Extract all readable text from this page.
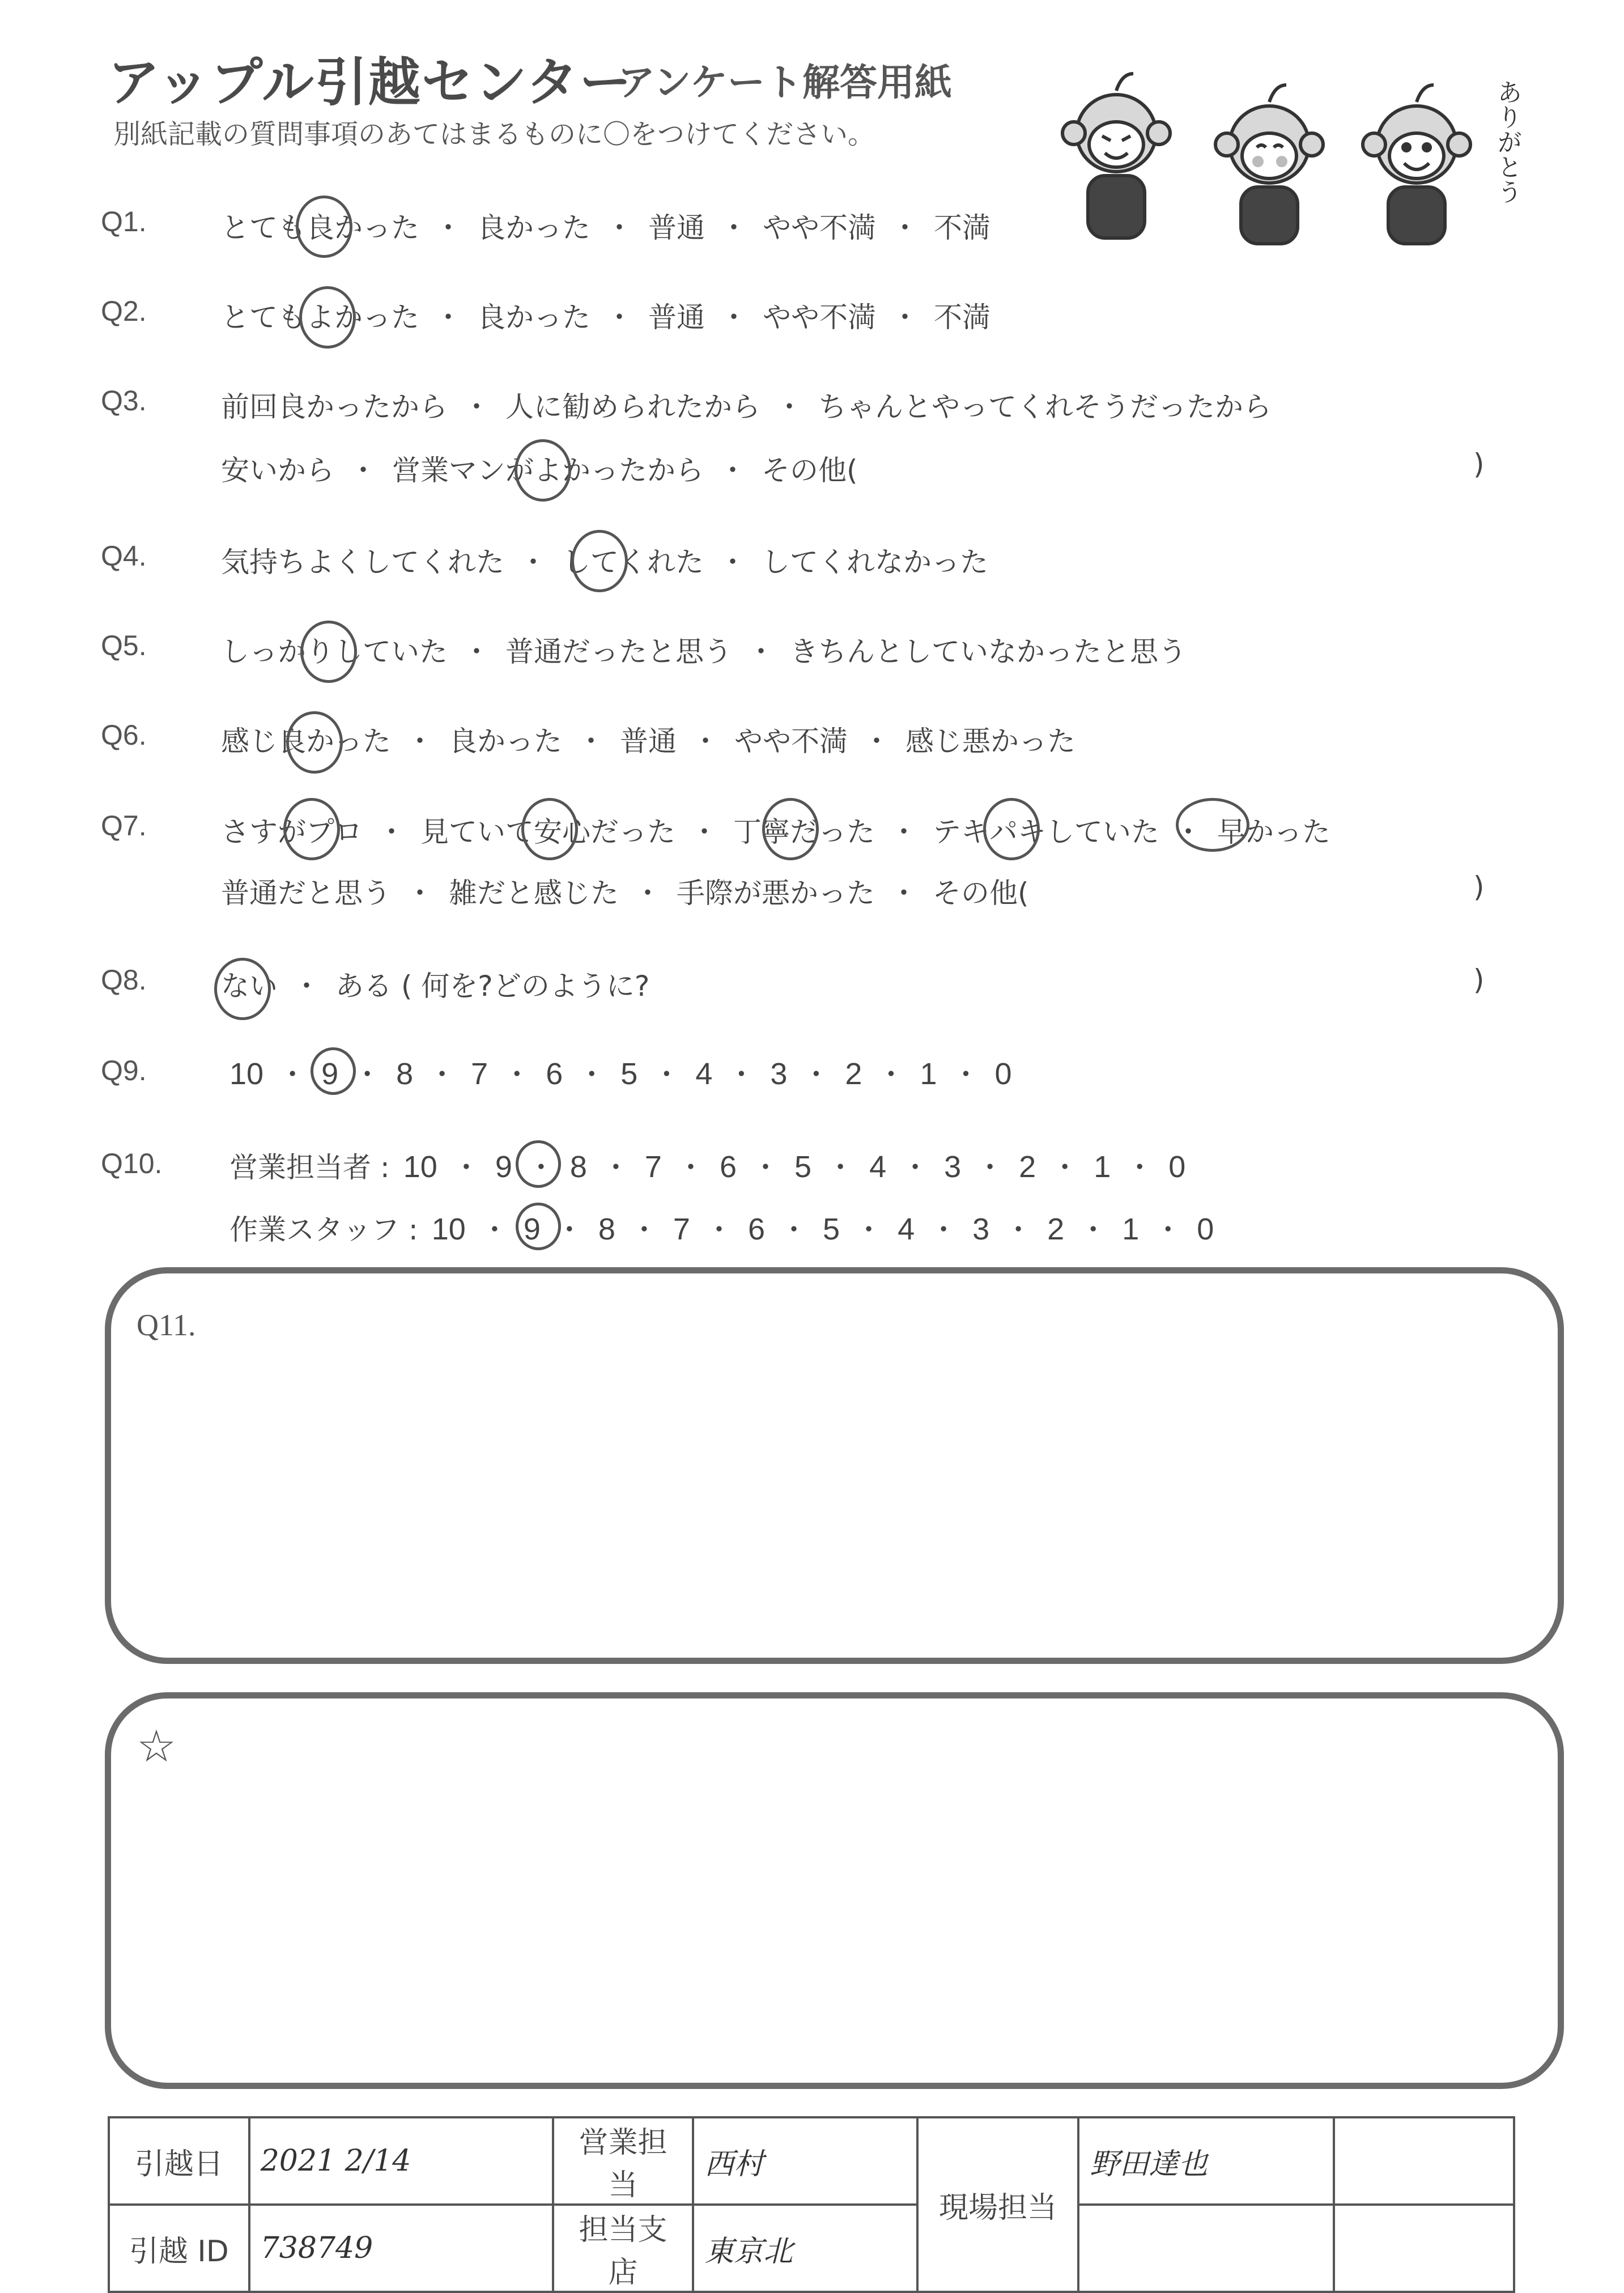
アップル引越センター
アンケート解答用紙
別紙記載の質問事項のあてはまるものに〇をつけてください。	ありがとう
Q1.	とても良かった ・ 良かった ・ 普通 ・ やや不満 ・ 不満
Q2.	とてもよかった ・ 良かった ・ 普通 ・ やや不満 ・ 不満
Q3.	前回良かったから ・ 人に勧められたから ・ ちゃんとやってくれそうだったから
安いから ・ 営業マンがよかったから ・ その他(	)
Q4.	気持ちよくしてくれた ・ してくれた ・ してくれなかった
Q5.	しっかりしていた ・ 普通だったと思う ・ きちんとしていなかったと思う
Q6.	感じ良かった ・ 良かった ・ 普通 ・ やや不満 ・ 感じ悪かった
Q7.	さすがプロ ・ 見ていて安心だった ・ 丁寧だった ・ テキパキしていた ・ 早かった
普通だと思う ・ 雑だと感じた ・ 手際が悪かった ・ その他(	)
Q8.	ない ・ ある ( 何を?どのように?	)
Q9.	10 ・ 9 ・ 8 ・ 7 ・ 6 ・ 5 ・ 4 ・ 3 ・ 2 ・ 1 ・ 0
Q10. 営業担当者 : 10 ・ 9 ・ 8 ・ 7 ・ 6 ・ 5 ・ 4 ・ 3 ・ 2 ・ 1 ・ 0
作業スタッフ : 10 ・ 9 ・ 8 ・ 7 ・ 6 ・ 5 ・ 4 ・ 3 ・ 2 ・ 1 ・ 0
Q11.
☆
引越日	2021 2/14	営業担当	西村	現場担当	野田達也	
引越 ID	738749	担当支店	東京北			
